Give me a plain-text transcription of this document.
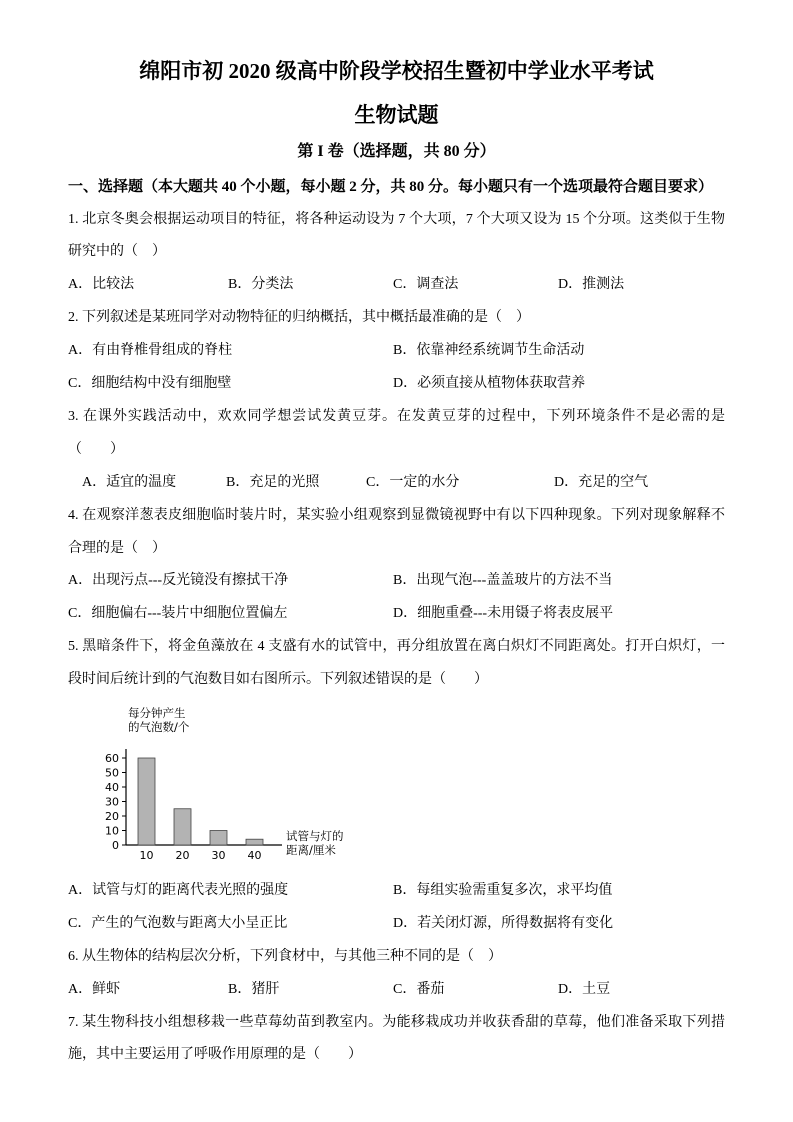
绵阳市初 2020 级高中阶段学校招生暨初中学业水平考试
生物试题
第 I 卷（选择题，共 80 分）

一、选择题（本大题共 40 个小题，每小题 2 分，共 80 分。每小题只有一个选项最符合题目要求）

1. 北京冬奥会根据运动项目的特征，将各种运动设为 7 个大项，7 个大项又设为 15 个分项。这类似于生物研究中的（　）

A．比较法	B．分类法	C．调查法	D．推测法

2. 下列叙述是某班同学对动物特征的归纳概括，其中概括最准确的是（　）

A．有由脊椎骨组成的脊柱	B．依靠神经系统调节生命活动
C．细胞结构中没有细胞壁	D．必须直接从植物体获取营养

3. 在课外实践活动中，欢欢同学想尝试发黄豆芽。在发黄豆芽的过程中，下列环境条件不是必需的是（　　）

A．适宜的温度	B．充足的光照	C．一定的水分	D．充足的空气

4. 在观察洋葱表皮细胞临时装片时，某实验小组观察到显微镜视野中有以下四种现象。下列对现象解释不合理的是（　）

A．出现污点---反光镜没有擦拭干净	B．出现气泡---盖盖玻片的方法不当
C．细胞偏右---装片中细胞位置偏左	D．细胞重叠---未用镊子将表皮展平

5. 黑暗条件下，将金鱼藻放在 4 支盛有水的试管中，再分组放置在离白炽灯不同距离处。打开白炽灯，一段时间后统计到的气泡数目如右图所示。下列叙述错误的是（　　）

每分钟产生
的气泡数/个
0
10
20
30
40
50
60
10 20 30 40
试管与灯的
距离/厘米
A．试管与灯的距离代表光照的强度	B．每组实验需重复多次，求平均值
C．产生的气泡数与距离大小呈正比	D．若关闭灯源，所得数据将有变化

6. 从生物体的结构层次分析，下列食材中，与其他三种不同的是（　）

A．鲜虾	B．猪肝	C．番茄	D．土豆

7. 某生物科技小组想移栽一些草莓幼苗到教室内。为能移栽成功并收获香甜的草莓，他们准备采取下列措施，其中主要运用了呼吸作用原理的是（　　）
